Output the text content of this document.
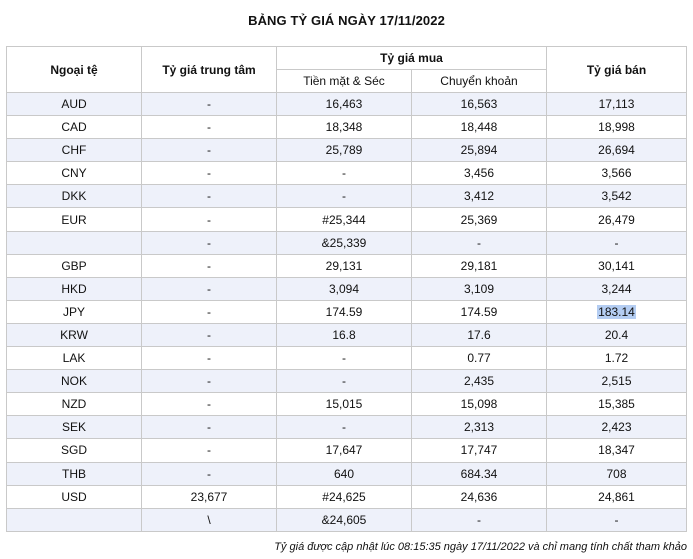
BẢNG TỶ GIÁ NGÀY 17/11/2022
Ngoại tệ	Tỷ giá trung tâm	Tỷ giá mua		Tỷ giá bán
		Tiền mặt & Séc	Chuyển khoản	
AUD	-	16,463	16,563	17,113
CAD	-	18,348	18,448	18,998
CHF	-	25,789	25,894	26,694
CNY	-	-	3,456	3,566
DKK	-	-	3,412	3,542
EUR	-	#25,344	25,369	26,479
	-	&25,339	-	-
GBP	-	29,131	29,181	30,141
HKD	-	3,094	3,109	3,244
JPY	-	174.59	174.59	183.14
KRW	-	16.8	17.6	20.4
LAK	-	-	0.77	1.72
NOK	-	-	2,435	2,515
NZD	-	15,015	15,098	15,385
SEK	-	-	2,313	2,423
SGD	-	17,647	17,747	18,347
THB	-	640	684.34	708
USD	23,677	#24,625	24,636	24,861
	\	&24,605	-	-
Tỷ giá được cập nhật lúc 08:15:35 ngày 17/11/2022 và chỉ mang tính chất tham khảo
